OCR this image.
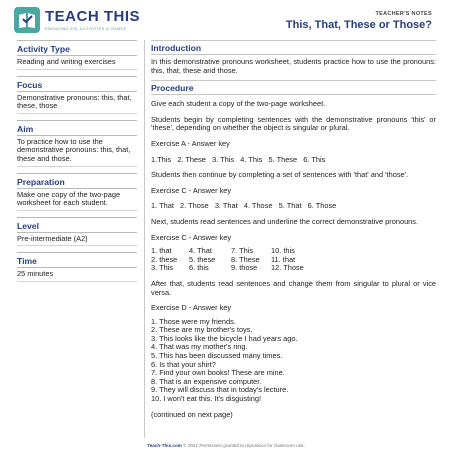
TEACH THIS
ENGAGING ESL ACTIVITIES & GAMES
TEACHER'S NOTES
This, That, These or Those?
Activity Type
Reading and writing exercises
Focus
Demonstrative pronouns: this, that, these, those
Aim
To practice how to use the demonstrative pronouns: this, that, these and those.
Preparation
Make one copy of the two-page worksheet for each student.
Level
Pre-intermediate (A2)
Time
25 minutes
Introduction
In this demonstrative pronouns worksheet, students practice how to use the pronouns: this, that, these and those.
Procedure
Give each student a copy of the two-page worksheet.
Students begin by completing sentences with the demonstrative pronouns 'this' or 'these', depending on whether the object is singular or plural.
Exercise A - Answer key
1.This   2. These   3. This   4. This   5. These   6. This
Students then continue by completing a set of sentences with 'that' and 'those'.
Exercise C - Answer key
1. That   2. Those   3. That   4. Those   5. That   6. Those
Next, students read sentences and underline the correct demonstrative pronouns.
Exercise C - Answer key
1. that	4. That	7. This	10. this
2. these	5. these	8. These	11. that
3. This	6. this	9. those	12. Those
After that, students read sentences and change them from singular to plural or vice versa.
Exercise D - Answer key
1. Those were my friends.
2. These are my brother's toys.
3. This looks like the bicycle I had years ago.
4. That was my mother's ring.
5. This has been discussed many times.
6. Is that your shirt?
7. Find your own books! These are mine.
8. That is an expensive computer.
9. They will discuss that in today's lecture.
10. I won't eat this. It's disgusting!
(continued on next page)
Teach-This.com © 2021 Permission granted to reproduce for classroom use.
